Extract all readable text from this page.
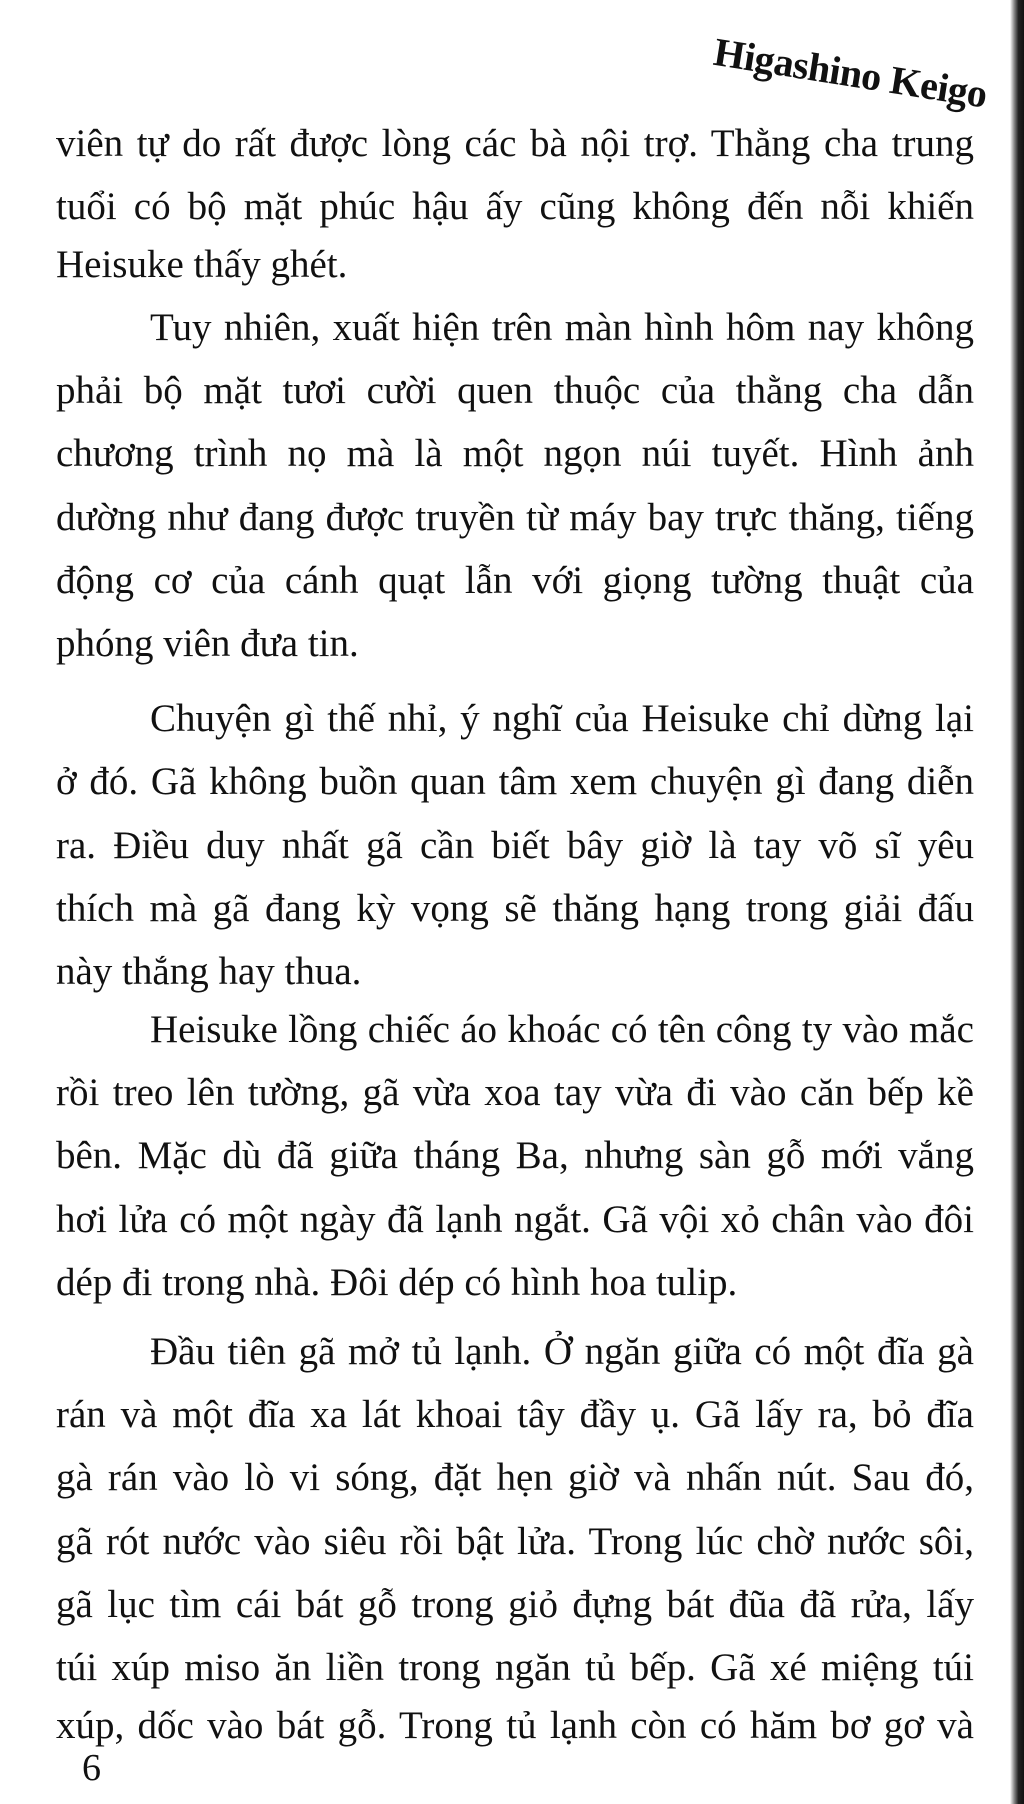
Higashino Keigo
viên tự do rất được lòng các bà nội trợ. Thằng cha trung
tuổi có bộ mặt phúc hậu ấy cũng không đến nỗi khiến
Heisuke thấy ghét.
Tuy nhiên, xuất hiện trên màn hình hôm nay không
phải bộ mặt tươi cười quen thuộc của thằng cha dẫn
chương trình nọ mà là một ngọn núi tuyết. Hình ảnh
dường như đang được truyền từ máy bay trực thăng, tiếng
động cơ của cánh quạt lẫn với giọng tường thuật của
phóng viên đưa tin.
Chuyện gì thế nhỉ, ý nghĩ của Heisuke chỉ dừng lại
ở đó. Gã không buồn quan tâm xem chuyện gì đang diễn
ra. Điều duy nhất gã cần biết bây giờ là tay võ sĩ yêu
thích mà gã đang kỳ vọng sẽ thăng hạng trong giải đấu
này thắng hay thua.
Heisuke lồng chiếc áo khoác có tên công ty vào mắc
rồi treo lên tường, gã vừa xoa tay vừa đi vào căn bếp kề
bên. Mặc dù đã giữa tháng Ba, nhưng sàn gỗ mới vắng
hơi lửa có một ngày đã lạnh ngắt. Gã vội xỏ chân vào đôi
dép đi trong nhà. Đôi dép có hình hoa tulip.
Đầu tiên gã mở tủ lạnh. Ở ngăn giữa có một đĩa gà
rán và một đĩa xa lát khoai tây đầy ụ. Gã lấy ra, bỏ đĩa
gà rán vào lò vi sóng, đặt hẹn giờ và nhấn nút. Sau đó,
gã rót nước vào siêu rồi bật lửa. Trong lúc chờ nước sôi,
gã lục tìm cái bát gỗ trong giỏ đựng bát đũa đã rửa, lấy
túi xúp miso ăn liền trong ngăn tủ bếp. Gã xé miệng túi
xúp, dốc vào bát gỗ. Trong tủ lạnh còn có hăm bơ gơ và
6
